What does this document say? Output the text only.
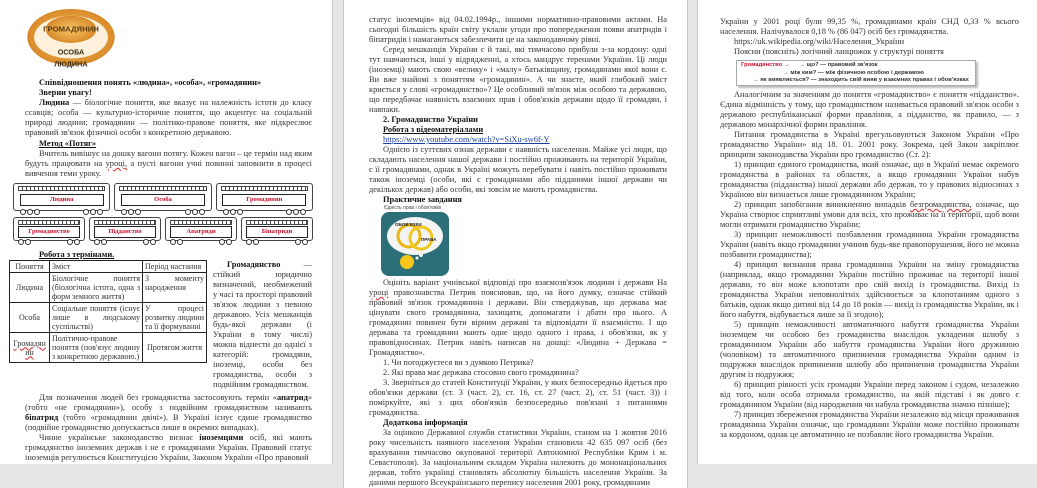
ГРОМАДЯНИН
ОСОБА
ЛЮДИНА

Співвідношення понять «людина», «особа», «громадянин»

Зверни увагу!

Людина — біологічне поняття, яке вказує на належність істоти до класу ссавців; особа — культурно-історичне поняття, що акцентує на соціальній природі людини; громадянин — політико-правове поняття, яке підкреслює правовий зв'язок фізичної особи з конкретною державою.

Метод «Потяг»

Вчитель вивішує на дошку вагони потягу. Кожен вагон – це термін над яким будуть працювати на уроці, а пусті вагони учні повинні заповнити в процесі вивчення теми уроку.

Людина	Особа	Громадянин
Громадянство	Підданство	Апатриди	Біпатриди

Робота з термінами.

Поняття	Зміст	Період настання
Людина	Біологічне поняття (біологічна істота, одна з форм земного життя)	З моменту народження
Особа	Соціальне поняття (існує лише в людському суспільстві)	У процесі розвитку людини та її формуванні
Громадянин	Політично-правове поняття (пов'язує людину з конкретною державою.)	Протягом життя

Громадянство — стійкий юридично визначений, необмежений у часі та просторі правовий зв'язок людини з певною державою. Усіх мешканців будь-якої держави (і України в тому числі) можна віднести до однієї з категорій: громадяни, іноземці, особи без громадянства, особи з подвійним громадянством.

Для позначення людей без громадянства застосовують термін «апатрид» (тобто «не громадянин»), особу з подвійним громадянством називають біпатрид (тобто «громадянин двічі»). В Україні існує єдине громадянство (подвійне громадянство допускається лише в окремих випадках).

Чинне українське законодавство визнає іноземцями осіб, які мають громадянство іноземних держав і не є громадянами України. Правовий статус іноземців регулюється Конституцією України, Законом України «Про правовий

статус іноземців» від 04.02.1994р., іншими нормативно-правовими актами. На сьогодні більшість країн світу уклали угоди про попередження появи апатридів і біпатридів і намагаються забезпечити це на законодавчому рівні.

Серед мешканців України є й такі, які тимчасово прибули з-за кордону: одні тут навчаються, інші у відрядженні, а хтось мандрує теренами України. Ці люди (іноземці) мають свою «велику» і «малу» батьківщину, громадянами якої вони є. Ви вже знайомі з поняттям «громадянин». А чи знаєте, який глибокий зміст криється у слові «громадянство»? Це особливий зв'язок між особою та державою, що передбачає наявність взаємних прав і обов'язків держави щодо її громадян, і навпаки.

2. Громадянство України

Робота з відеоматеріалами

https://www.youtube.com/watch?v=SiXu-sw6f-Y

Однією із суттєвих ознак держави є наявність населення. Майже усі люди, що складають населення нашої держави і постійно проживають на території України, є її громадянами, однак в Україні можуть перебувати і навіть постійно проживати також іноземці (особи, які є громадянами або підданими іншої держави чи декількох держав) або особи, які зовсім не мають громадянства.

Практичне завдання

Єдність прав і обов'язків
ОБОВ'ЯЗКИ
ПРАВА

Оцініть варіант учнівської відповіді про взаємозв'язок людини і держави На уроці правознавства Петрик пояснював, що, на його думку, означає стійкий правовий зв'язок громадянина і держави. Він стверджував, що держава має цінувати свого громадянина, захищати, допомагати і дбати про нього. А громадянин повинен бути вірним державі та відповідати її взаємністю. І що держава та громадянин мають одне щодо одного і права, і обов'язки, як у правовідносинах. Петрик навіть написав на дошці: «Людина + Держава = Громадянство».

1. Чи погоджуєтеся ви з думкою Петрика?

2. Які права має держава стосовно свого громадянина?

3. Зверніться до статей Конституції України, у яких безпосередньо йдеться про обов'язки держави (ст. 3 (част. 2), ст. 16, ст. 27 (част. 2), ст. 51 (част. 3)) і поміркуйте, які з цих обов'язків безпосередньо пов'язані з питаннями громадянства.

Додаткова інформація

За оцінкою Державної служби статистики України, станом на 1 жовтня 2016 року чисельність наявного населення України становила 42 635 097 осіб (без врахування тимчасово окупованої території Автономної Республіки Крим і м. Севастополя). За національним складом Україна належить до мононаціональних держав, тобто українці становлять абсолютну більшість населення України. За даними першого Всеукраїнського перепису населення 2001 року, громадянами

України у 2001 році були 99,35 %, громадянами країн СНД 0,33 % всього населення. Налічувалося 0,18 % (86 047) осіб без громадянства.

https://uk.wikipedia.org/wiki/Населення_України

Поясни (поясніть) логічний ланцюжок у структурі поняття

Громадянство → → що? — правовий зв'язок
→ між ким? — між фізичною особою і державою
→ як виявляється? — знаходить свій вияв у взаємних правах і обов'язках

Аналогічним за значенням до поняття «громадянство» є поняття «підданство». Єдина відмінність у тому, що громадянством називається правовий зв'язок особи з державою республіканської форми правління, а підданство, як правило, — з державою монархічної форми правління.

Питання громадянства в Україні врегульовуються Законом України «Про громадянство України» від 18. 01. 2001 року. Зокрема, цей Закон закріплює принципи законодавства України про громадянство (Ст. 2):

1) принцип єдиного громадянства, який означає, що в Україні немає окремого громадянства в районах та областях, а якщо громадянин України набув громадянства (підданства) іншої держави або держав, то у правових відносинах з Україною він визнається лише громадянином України;

2) принцип запобігання виникненню випадків безгромадянства, означає, що Україна створює сприятливі умови для всіх, хто проживає на її території, щоб вони могли отримати громадянство України;

3) принцип неможливості позбавлення громадянина України громадянства України (навіть якщо громадянин учинив будь-яке правопорушення, його не можна позбавити громадянства);

4) принцип визнання права громадянина України на зміну громадянства (наприклад, якщо громадянин України постійно проживає на території іншої держави, то він може клопотати про свій вихід із громадянства. Вихід із громадянства України неповнолітніх здійснюється за клопотанням одного з батьків, однак якщо дитині від 14 до 18 років — вихід із громадянства України, як і його набуття, відбувається лише за її згодою);

5) принцип неможливості автоматичного набуття громадянства України іноземцем чи особою без громадянства внаслідок укладення шлюбу з громадянином України або набуття громадянства України його дружиною (чоловіком) та автоматичного припинення громадянства України одним із подружжя внаслідок припинення шлюбу або припинення громадянства України другим із подружжя;

6) принцип рівності усіх громадян України перед законом і судом, незалежно від того, коли особа отримала громадянство, на якій підставі і як довго є громадянином України (від народження чи набула громадянства значно пізніше);

7) принцип збереження громадянства України незалежно від місця проживання громадянина України означає, що громадянин України може постійно проживати за кордоном, однак це автоматично не позбавляє його громадянства України.
